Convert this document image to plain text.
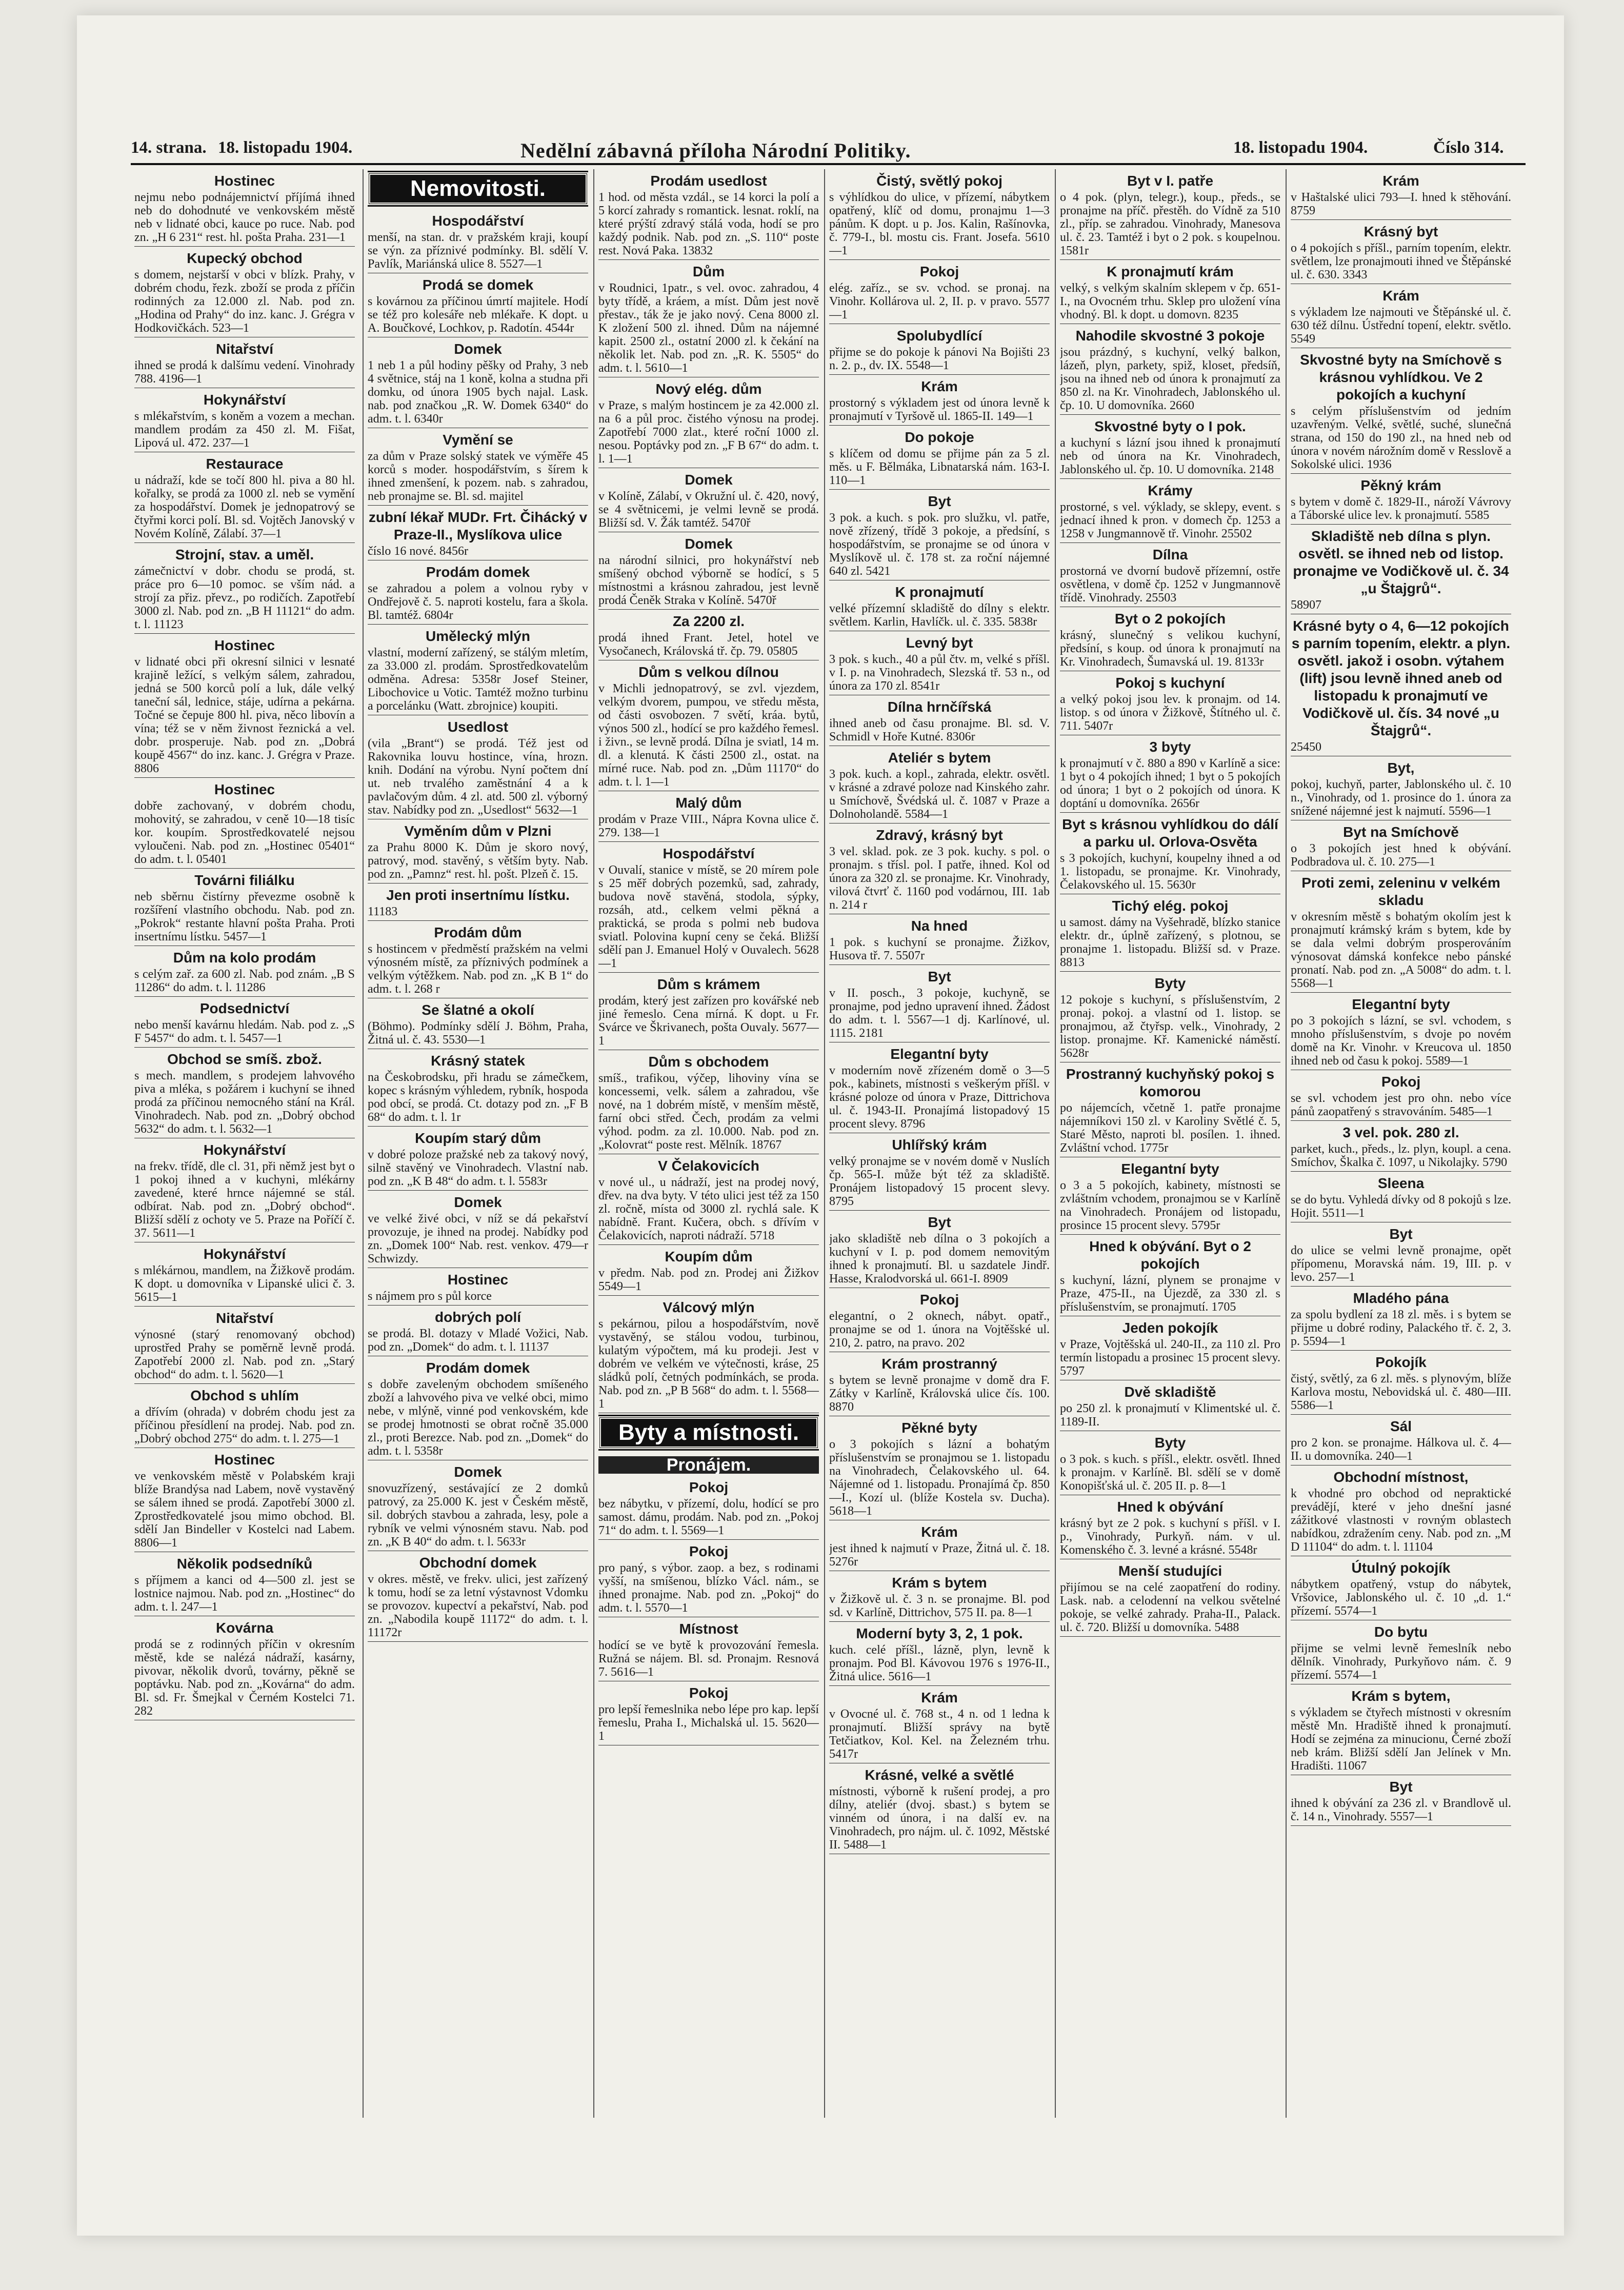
14. strana. 18. listopadu 1904.	Nedělní zábavná příloha Národní Politiky.	18. listopadu 1904.	Číslo 314.
Hostinec
nejmu nebo podnájemnictví příjímá ihned neb do dohodnuté ve venkovském městě neb v lidnaté obci, kauce po ruce. Nab. pod zn. „H 6 231“ rest. hl. pošta Praha. 231—1
Kupecký obchod
s domem, nejstarší v obci v blízk. Prahy, v dobrém chodu, řezk. zboží se proda z příčin rodinných za 12.000 zl. Nab. pod zn. „Hodina od Prahy“ do inz. kanc. J. Grégra v Hodkovičkách. 523—1
Nitařství
ihned se prodá k dalšímu vedení. Vinohrady 788. 4196—1
Hokynářství
s mlékařstvím, s koněm a vozem a mechan. mandlem prodám za 450 zl. M. Fišat, Lipová ul. 472. 237—1
Restaurace
u nádraží, kde se točí 800 hl. piva a 80 hl. kořalky, se prodá za 1000 zl. neb se vymění za hospodářství. Domek je jednopatrový se čtyřmi korci polí. Bl. sd. Vojtěch Janovský v Novém Kolíně, Zálabí. 37—1
Strojní, stav. a uměl.
zámečnictví v dobr. chodu se prodá, st. práce pro 6—10 pomoc. se vším nád. a strojí za přiz. převz., po rodičích. Zapotřebí 3000 zl. Nab. pod zn. „B H 11121“ do adm. t. l. 11123
Hostinec
v lidnaté obci při okresní silnici v lesnaté krajině ležící, s velkým sálem, zahradou, jedná se 500 korců polí a luk, dále velký taneční sál, lednice, stáje, udírna a pekárna. Točné se čepuje 800 hl. piva, něco libovín a vína; též se v něm živnost řeznická a vel. dobr. prosperuje. Nab. pod zn. „Dobrá koupě 4567“ do inz. kanc. J. Grégra v Praze. 8806
Hostinec
dobře zachovaný, v dobrém chodu, mohovitý, se zahradou, v ceně 10—18 tisíc kor. koupím. Sprostředkovatelé nejsou vyloučeni. Nab. pod zn. „Hostinec 05401“ do adm. t. l. 05401
Továrni filiálku
neb sběrnu čistírny převezme osobně k rozšíření vlastního obchodu. Nab. pod zn. „Pokrok“ restante hlavní pošta Praha. Proti insertnímu lístku. 5457—1
Dům na kolo prodám
s celým zař. za 600 zl. Nab. pod znám. „B S 11286“ do adm. t. l. 11286
Podsednictví
nebo menší kavárnu hledám. Nab. pod z. „S F 5457“ do adm. t. l. 5457—1
Obchod se smíš. zbož.
s mech. mandlem, s prodejem lahvového piva a mléka, s požárem i kuchyní se ihned prodá za příčinou nemocného stání na Král. Vinohradech. Nab. pod zn. „Dobrý obchod 5632“ do adm. t. l. 5632—1
Hokynářství
na frekv. třídě, dle cl. 31, při němž jest byt o 1 pokoj ihned a v kuchyni, mlékárny zavedené, které hrnce nájemné se stál. odbírat. Nab. pod zn. „Dobrý obchod“. Bližší sdělí z ochoty ve 5. Praze na Poříčí č. 37. 5611—1
Hokynářství
s mlékárnou, mandlem, na Žižkově prodám. K dopt. u domovníka v Lipanské ulici č. 3. 5615—1
Nitařství
výnosné (starý renomovaný obchod) uprostřed Prahy se poměrně levně prodá. Zapotřebí 2000 zl. Nab. pod zn. „Starý obchod“ do adm. t. l. 5620—1
Obchod s uhlím
a dřívím (ohrada) v dobrém chodu jest za příčinou přesídlení na prodej. Nab. pod zn. „Dobrý obchod 275“ do adm. t. l. 275—1
Hostinec
ve venkovském městě v Polabském kraji blíže Brandýsa nad Labem, nově vystavěný se sálem ihned se prodá. Zapotřebí 3000 zl. Zprostředkovatelé jsou mimo obchod. Bl. sdělí Jan Bindeller v Kostelci nad Labem. 8806—1
Několik podsedníků
s příjmem a kanci od 4—500 zl. jest se lostnice najmou. Nab. pod zn. „Hostinec“ do adm. t. l. 247—1
Kovárna
prodá se z rodinných příčin v okresním městě, kde se nalézá nádraží, kasárny, pivovar, několik dvorů, továrny, pěkně se poptávku. Nab. pod zn. „Kovárna“ do adm. Bl. sd. Fr. Šmejkal v Černém Kostelci 71. 282
Nemovitosti.
Hospodářství
menší, na stan. dr. v pražském kraji, koupí se výn. za příznivé podmínky. Bl. sdělí V. Pavlík, Mariánská ulice 8. 5527—1
Prodá se domek
s kovárnou za příčinou úmrtí majitele. Hodí se též pro kolesáře neb mlékaře. K dopt. u A. Boučkové, Lochkov, p. Radotín. 4544r
Domek
1 neb 1 a půl hodiny pěšky od Prahy, 3 neb 4 světnice, stáj na 1 koně, kolna a studna při domku, od února 1905 bych najal. Lask. nab. pod značkou „R. W. Domek 6340“ do adm. t. l. 6340r
Vymění se
za dům v Praze solský statek ve výměře 45 korců s moder. hospodářstvím, s šírem k ihned zmenšení, k pozem. nab. s zahradou, neb pronajme se. Bl. sd. majitel
zubní lékař MUDr. Frt. Čihácký v Praze-II., Myslíkova ulice
číslo 16 nové. 8456r
Prodám domek
se zahradou a polem a volnou ryby v Ondřejově č. 5. naproti kostelu, fara a škola. Bl. tamtéž. 6804r
Umělecký mlýn
vlastní, moderní zařízený, se stálým mletím, za 33.000 zl. prodám. Sprostředkovatelům odměna. Adresa: 5358r Josef Steiner, Libochovice u Votic. Tamtéž možno turbinu a porcelánku (Watt. zbrojnice) koupiti.
Usedlost
(vila „Brant“) se prodá. Též jest od Rakovnika louvu hostince, vína, hrozn. knih. Dodání na výrobu. Nyní počtem dní ut. neb trvalého zaměstnání 4 a k pavlačovým dům. 4 zl. atd. 500 zl. výborný stav. Nabídky pod zn. „Usedlost“ 5632—1
Vyměním dům v Plzni
za Prahu 8000 K. Dům je skoro nový, patrový, mod. stavěný, s větším byty. Nab. pod zn. „Pamnz“ rest. hl. pošt. Plzeň č. 15.
Jen proti insertnímu lístku.
11183
Prodám dům
s hostincem v předměstí pražském na velmi výnosném místě, za příznivých podmínek a velkým výtěžkem. Nab. pod zn. „K B 1“ do adm. t. l. 268 r
Se šlatné a okolí
(Böhmo). Podmínky sdělí J. Böhm, Praha, Žitná ul. č. 43. 5530—1
Krásný statek
na Českobrodsku, při hradu se zámečkem, kopec s krásným výhledem, rybník, hospoda pod obcí, se prodá. Ct. dotazy pod zn. „F B 68“ do adm. t. l. 1r
Koupím starý dům
v dobré poloze pražské neb za takový nový, silně stavěný ve Vinohradech. Vlastní nab. pod zn. „K B 48“ do adm. t. l. 5583r
Domek
ve velké živé obci, v níž se dá pekařství provozuje, je ihned na prodej. Nabídky pod zn. „Domek 100“ Nab. rest. venkov. 479—r Schwizdy.
Hostinec
s nájmem pro s půl korce
dobrých polí
se prodá. Bl. dotazy v Mladé Vožici, Nab. pod zn. „Domek“ do adm. t. l. 11137
Prodám domek
s dobře zaveleným obchodem smíšeného zboží a lahvového piva ve velké obci, mimo nebe, v mlýně, vinné pod venkovském, kde se prodej hmotnosti se obrat ročně 35.000 zl., proti Berezce. Nab. pod zn. „Domek“ do adm. t. l. 5358r
Domek
snovuzřízený, sestávající ze 2 domků patrový, za 25.000 K. jest v Českém městě, sil. dobrých stavbou a zahrada, lesy, pole a rybník ve velmi výnosném stavu. Nab. pod zn. „K B 40“ do adm. t. l. 5633r
Obchodní domek
v okres. městě, ve frekv. ulici, jest zařízený k tomu, hodí se za letní výstavnost Vdomku se provozov. kupectví a pekařství, Nab. pod zn. „Nabodila koupě 11172“ do adm. t. l. 11172r
Prodám usedlost
1 hod. od města vzdál., se 14 korci la polí a 5 korcí zahrady s romantick. lesnat. roklí, na které prýští zdravý stálá voda, hodí se pro každý podnik. Nab. pod zn. „S. 110“ poste rest. Nová Paka. 13832
Dům
v Roudnici, 1patr., s vel. ovoc. zahradou, 4 byty třídě, a kráem, a míst. Dům jest nově přestav., ták že je jako nový. Cena 8000 zl. K zložení 500 zl. ihned. Dům na nájemné kapit. 2500 zl., ostatní 2000 zl. k čekání na několik let. Nab. pod zn. „R. K. 5505“ do adm. t. l. 5610—1
Nový elég. dům
v Praze, s malým hostincem je za 42.000 zl. na 6 a půl proc. čistého výnosu na prodej. Zapotřebí 7000 zlat., které roční 1000 zl. nesou. Poptávky pod zn. „F B 67“ do adm. t. l. 1—1
Domek
v Kolíně, Zálabí, v Okružní ul. č. 420, nový, se 4 světnicemi, je velmi levně se prodá. Bližší sd. V. Žák tamtéž. 5470ř
Domek
na národní silnici, pro hokynářství neb smíšený obchod výborně se hodící, s 5 místnostmi a krásnou zahradou, jest levně prodá Čeněk Straka v Kolíně. 5470ř
Za 2200 zl.
prodá ihned Frant. Jetel, hotel ve Vysočanech, Královská tř. čp. 79. 05805
Dům s velkou dílnou
v Michli jednopatrový, se zvl. vjezdem, velkým dvorem, pumpou, ve středu města, od části osvobozen. 7 světí, kráa. bytů, výnos 500 zl., hodící se pro každého řemesl. i živn., se levně prodá. Dílna je sviatl, 14 m. dl. a klenutá. K části 2500 zl., ostat. na mírné ruce. Nab. pod zn. „Dům 11170“ do adm. t. l. 1—1
Malý dům
prodám v Praze VIII., Nápra Kovna ulice č. 279. 138—1
Hospodářství
v Ouvalí, stanice v místě, se 20 mírem pole s 25 měř dobrých pozemků, sad, zahrady, budova nově stavěná, stodola, sýpky, rozsáh, atd., celkem velmi pěkná a praktická, se proda s polmi neb budova sviatl. Polovina kupní ceny se čeká. Bližší sdělí pan J. Emanuel Holý v Ouvalech. 5628—1
Dům s krámem
prodám, který jest zařízen pro kovářské neb jiné řemeslo. Cena mírná. K dopt. u Fr. Svárce ve Škrivanech, pošta Ouvaly. 5677—1
Dům s obchodem
smíš., trafikou, výčep, lihoviny vína se koncessemi, velk. sálem a zahradou, vše nové, na 1 dobrém místě, v menším městě, farní obci střed. Čech, prodám za velmi výhod. podm. za zl. 10.000. Nab. pod zn. „Kolovrat“ poste rest. Mělník. 18767
V Čelakovicích
v nové ul., u nádraží, jest na prodej nový, dřev. na dva byty. V této ulici jest též za 150 zl. ročně, místa od 3000 zl. rychlá sale. K nabídně. Frant. Kučera, obch. s dřívím v Čelakovicích, naproti nádraží. 5718
Koupím dům
v předm. Nab. pod zn. Prodej ani Žižkov 5549—1
Válcový mlýn
s pekárnou, pilou a hospodářstvím, nově vystavěný, se stálou vodou, turbinou, kulatým výpočtem, má ku prodeji. Jest v dobrém ve velkém ve výtečnosti, kráse, 25 sládků polí, četných podmínkách, se proda. Nab. pod zn. „P B 568“ do adm. t. l. 5568—1
Byty a místnosti.
Pronájem.
Pokoj
bez nábytku, v přízemí, dolu, hodící se pro samost. dámu, prodám. Nab. pod zn. „Pokoj 71“ do adm. t. l. 5569—1
Pokoj
pro paný, s výbor. zaop. a bez, s rodinami vyšší, na smíšenou, blízko Václ. nám., se ihned pronajme. Nab. pod zn. „Pokoj“ do adm. t. l. 5570—1
Místnost
hodící se ve bytě k provozování řemesla. Ružná se nájem. Bl. sd. Pronajm. Resnová 7. 5616—1
Pokoj
pro lepší řemeslnika nebo lépe pro kap. lepší řemeslu, Praha I., Michalská ul. 15. 5620—1
Čistý, světlý pokoj
s výhlídkou do ulice, v přízemí, nábytkem opatřený, klíč od domu, pronajmu 1—3 pánům. K dopt. u p. Jos. Kalin, Rašínovka, č. 779-I., bl. mostu cis. Frant. Josefa. 5610—1
Pokoj
elég. zaříz., se sv. vchod. se pronaj. na Vinohr. Kollárova ul. 2, II. p. v pravo. 5577—1
Spolubydlící
přijme se do pokoje k pánovi Na Bojišti 23 n. 2. p., dv. IX. 5548—1
Krám
prostorný s výkladem jest od února levně k pronajmutí v Tyršově ul. 1865-II. 149—1
Do pokoje
s klíčem od domu se přijme pán za 5 zl. měs. u F. Bělmáka, Libnatarská nám. 163-I. 110—1
Byt
3 pok. a kuch. s pok. pro služku, vl. patře, nově zřízený, třídě 3 pokoje, a předsíní, s hospodářstvím, se pronajme se od února v Myslíkově ul. č. 178 st. za roční nájemné 640 zl. 5421
K pronajmutí
velké přízemní skladiště do dílny s elektr. světlem. Karlin, Havlíčk. ul. č. 335. 5838r
Levný byt
3 pok. s kuch., 40 a půl čtv. m, velké s příšl. v I. p. na Vinohradech, Slezská tř. 53 n., od února za 170 zl. 8541r
Dílna hrnčířská
ihned aneb od času pronajme. Bl. sd. V. Schmidl v Hoře Kutné. 8306r
Ateliér s bytem
3 pok. kuch. a kopl., zahrada, elektr. osvětl. v krásné a zdravé poloze nad Kinského zahr. u Smíchově, Švédská ul. č. 1087 v Praze a Dolnoholandě. 5584—1
Zdravý, krásný byt
3 vel. sklad. pok. ze 3 pok. kuchy. s pol. o pronajm. s třísl. pol. I patře, ihned. Kol od února za 320 zl. se pronajme. Kr. Vinohrady, vilová čtvrť č. 1160 pod vodárnou, III. 1ab n. 214 r
Na hned
1 pok. s kuchyní se pronajme. Žižkov, Husova tř. 7. 5507r
Byt
v II. posch., 3 pokoje, kuchyně, se pronajme, pod jedno upravení ihned. Žádost do adm. t. l. 5567—1 dj. Karlínové, ul. 1115. 2181
Elegantní byty
v moderním nově zřízeném domě o 3—5 pok., kabinets, místnosti s veškerým příšl. v krásné poloze od února v Praze, Dittrichova ul. č. 1943-II. Pronajímá listopadový 15 procent slevy. 8796
Uhlířský krám
velký pronajme se v novém domě v Nuslích čp. 565-I. může být též za skladiště. Pronájem listopadový 15 procent slevy. 8795
Byt
jako skladiště neb dílna o 3 pokojích a kuchyní v I. p. pod domem nemovitým ihned k pronajmutí. Bl. u sazdatele Jindř. Hasse, Kralodvorská ul. 661-I. 8909
Pokoj
elegantní, o 2 oknech, nábyt. opatř., pronajme se od 1. února na Vojtěšské ul. 210, 2. patro, na pravo. 202
Krám prostranný
s bytem se levně pronajme v domě dra F. Zátky v Karlíně, Královská ulice čís. 100. 8870
Pěkné byty
o 3 pokojích s lázní a bohatým příslušenstvím se pronajmou se 1. listopadu na Vinohradech, Čelakovského ul. 64. Nájemné od 1. listopadu. Pronajímá čp. 850—I., Kozí ul. (blíže Kostela sv. Ducha). 5618—1
Krám
jest ihned k najmutí v Praze, Žitná ul. č. 18. 5276r
Krám s bytem
v Žižkově ul. č. 3 n. se pronajme. Bl. pod sd. v Karlíně, Dittrichov, 575 II. pa. 8—1
Moderní byty 3, 2, 1 pok.
kuch. celé příšl., lázně, plyn, levně k pronajm. Pod Bl. Kávovou 1976 s 1976-II., Žitná ulice. 5616—1
Krám
v Ovocné ul. č. 768 st., 4 n. od 1 ledna k pronajmutí. Bližší správy na bytě Tetčiatkov, Kol. Kel. na Železném trhu. 5417r
Krásné, velké a světlé
místnosti, výborně k rušení prodej, a pro dílny, ateliér (dvoj. sbast.) s bytem se vinném od února, i na další ev. na Vinohradech, pro nájm. ul. č. 1092, Městské II. 5488—1
Byt v I. patře
o 4 pok. (plyn, telegr.), koup., předs., se pronajme na příč. přestěh. do Vídně za 510 zl., příp. se zahradou. Vinohrady, Manesova ul. č. 23. Tamtéž i byt o 2 pok. s koupelnou. 1581r
K pronajmutí krám
velký, s velkým skalním sklepem v čp. 651-I., na Ovocném trhu. Sklep pro uložení vína vhodný. Bl. k dopt. u domovn. 8235
Nahodile skvostné 3 pokoje
jsou prázdný, s kuchyní, velký balkon, lázeň, plyn, parkety, spiž, kloset, předsíň, jsou na ihned neb od února k pronajmutí za 850 zl. na Kr. Vinohradech, Jablonského ul. čp. 10. U domovníka. 2660
Skvostné byty o I pok.
a kuchyní s lázní jsou ihned k pronajmutí neb od února na Kr. Vinohradech, Jablonského ul. čp. 10. U domovníka. 2148
Krámy
prostorné, s vel. výklady, se sklepy, event. s jednací ihned k pron. v domech čp. 1253 a 1258 v Jungmannově tř. Vinohr. 25502
Dílna
prostorná ve dvorní budově přízemní, ostře osvětlena, v domě čp. 1252 v Jungmannově třídě. Vinohrady. 25503
Byt o 2 pokojích
krásný, slunečný s velikou kuchyní, předsíní, s koup. od února k pronajmutí na Kr. Vinohradech, Šumavská ul. 19. 8133r
Pokoj s kuchyní
a velký pokoj jsou lev. k pronajm. od 14. listop. s od února v Žižkově, Štítného ul. č. 711. 5407r
3 byty
k pronajmutí v č. 880 a 890 v Karlíně a sice: 1 byt o 4 pokojích ihned; 1 byt o 5 pokojích od února; 1 byt o 2 pokojích od února. K doptání u domovníka. 2656r
Byt s krásnou vyhlídkou do dálí a parku ul. Orlova-Osvěta
s 3 pokojích, kuchyní, koupelny ihned a od 1. listopadu, se pronajme. Kr. Vinohrady, Čelakovského ul. 15. 5630r
Tichý elég. pokoj
u samost. dámy na Vyšehradě, blízko stanice elektr. dr., úplně zařízený, s plotnou, se pronajme 1. listopadu. Bližší sd. v Praze. 8813
Byty
12 pokoje s kuchyní, s příslušenstvím, 2 pronaj. pokoj. a vlastní od 1. listop. se pronajmou, až čtyřsp. velk., Vinohrady, 2 listop. pronajme. Kř. Kamenické náměstí. 5628r
Prostranný kuchyňský pokoj s komorou
po nájemcích, včetně 1. patře pronajme nájemníkovi 150 zl. v Karoliny Světlé č. 5, Staré Město, naproti bl. posílen. 1. ihned. Zvláštní vchod. 1775r
Elegantní byty
o 3 a 5 pokojích, kabinety, místnosti se zvláštním vchodem, pronajmou se v Karlíně na Vinohradech. Pronájem od listopadu, prosince 15 procent slevy. 5795r
Hned k obývání. Byt o 2 pokojích
s kuchyní, lázní, plynem se pronajme v Praze, 475-II., na Újezdě, za 330 zl. s příslušenstvím, se pronajmutí. 1705
Jeden pokojík
v Praze, Vojtěšská ul. 240-II., za 110 zl. Pro termín listopadu a prosinec 15 procent slevy. 5797
Dvě skladiště
po 250 zl. k pronajmutí v Klimentské ul. č. 1189-II.
Byty
o 3 pok. s kuch. s příšl., elektr. osvětl. Ihned k pronajm. v Karlíně. Bl. sdělí se v domě Konopišťská ul. č. 205 II. p. 8—1
Hned k obývání
krásný byt ze 2 pok. s kuchyní s příšl. v I. p., Vinohrady, Purkyň. nám. v ul. Komenského č. 3. levné a krásné. 5548r
Menší studujíci
přijímou se na celé zaopatření do rodiny. Lask. nab. a celodenní na velkou světelné pokoje, se velké zahrady. Praha-II., Palack. ul. č. 720. Bližší u domovníka. 5488
Krám
v Haštalské ulici 793—I. hned k stěhování. 8759
Krásný byt
o 4 pokojích s příšl., parním topením, elektr. světlem, lze pronajmouti ihned ve Štěpánské ul. č. 630. 3343
Krám
s výkladem lze najmouti ve Štěpánské ul. č. 630 též dílnu. Ústřední topení, elektr. světlo. 5549
Skvostné byty na Smíchově s krásnou vyhlídkou. Ve 2 pokojích a kuchyní
s celým příslušenstvím od jedním uzavřeným. Velké, světlé, suché, slunečná strana, od 150 do 190 zl., na hned neb od února v novém nárožním domě v Resslově a Sokolské ulici. 1936
Pěkný krám
s bytem v domě č. 1829-II., nároží Vávrovy a Táborské ulice lev. k pronajmutí. 5585
Skladiště neb dílna s plyn. osvětl. se ihned neb od listop. pronajme ve Vodičkově ul. č. 34 „u Štajgrů“.
58907
Krásné byty o 4, 6—12 pokojích s parním topením, elektr. a plyn. osvětl. jakož i osobn. výtahem (lift) jsou levně ihned aneb od listopadu k pronajmutí ve Vodičkově ul. čís. 34 nové „u Štajgrů“.
25450
Byt,
pokoj, kuchyň, parter, Jablonského ul. č. 10 n., Vinohrady, od 1. prosince do 1. února za snížené nájemné jest k najmutí. 5596—1
Byt na Smíchově
o 3 pokojích jest hned k obývání. Podbradova ul. č. 10. 275—1
Proti zemi, zeleninu v velkém skladu
v okresním městě s bohatým okolím jest k pronajmutí krámský krám s bytem, kde by se dala velmi dobrým prosperováním výnosovat dámská konfekce nebo pánské pronatí. Nab. pod zn. „A 5008“ do adm. t. l. 5568—1
Elegantní byty
po 3 pokojích s lázní, se svl. vchodem, s mnoho příslušenstvím, s dvoje po novém domě na Kr. Vinohr. v Kreucova ul. 1850 ihned neb od času k pokoj. 5589—1
Pokoj
se svl. vchodem jest pro ohn. nebo více pánů zaopatřený s stravováním. 5485—1
3 vel. pok. 280 zl.
parket, kuch., předs., lz. plyn, koupl. a cena. Smíchov, Škalka č. 1097, u Nikolajky. 5790
Sleena
se do bytu. Vyhledá dívky od 8 pokojů s lze. Hojit. 5511—1
Byt
do ulice se velmi levně pronajme, opět přípomenu, Moravská nám. 19, III. p. v levo. 257—1
Mladého pána
za spolu bydlení za 18 zl. měs. i s bytem se přijme u dobré rodiny, Palackého tř. č. 2, 3. p. 5594—1
Pokojík
čistý, světlý, za 6 zl. měs. s plynovým, blíže Karlova mostu, Nebovidská ul. č. 480—III. 5586—1
Sál
pro 2 kon. se pronajme. Hálkova ul. č. 4—II. u domovníka. 240—1
Obchodní místnost,
k vhodné pro obchod od nepraktické prevádějí, které v jeho dnešní jasné zážitkové vlastnosti v rovným oblastech nabídkou, zdražením ceny. Nab. pod zn. „M D 11104“ do adm. t. l. 11104
Útulný pokojík
nábytkem opatřený, vstup do nábytek, Vršovice, Jablonského ul. č. 10 „d. 1.“ přízemí. 5574—1
Do bytu
přijme se velmi levně řemeslník nebo dělník. Vinohrady, Purkyňovo nám. č. 9 přízemí. 5574—1
Krám s bytem,
s výkladem se čtyřech místnosti v okresním městě Mn. Hradiště ihned k pronajmutí. Hodí se zejména za minucionu, Černé zboží neb krám. Bližší sdělí Jan Jelínek v Mn. Hradišti. 11067
Byt
ihned k obývání za 236 zl. v Brandlově ul. č. 14 n., Vinohrady. 5557—1
